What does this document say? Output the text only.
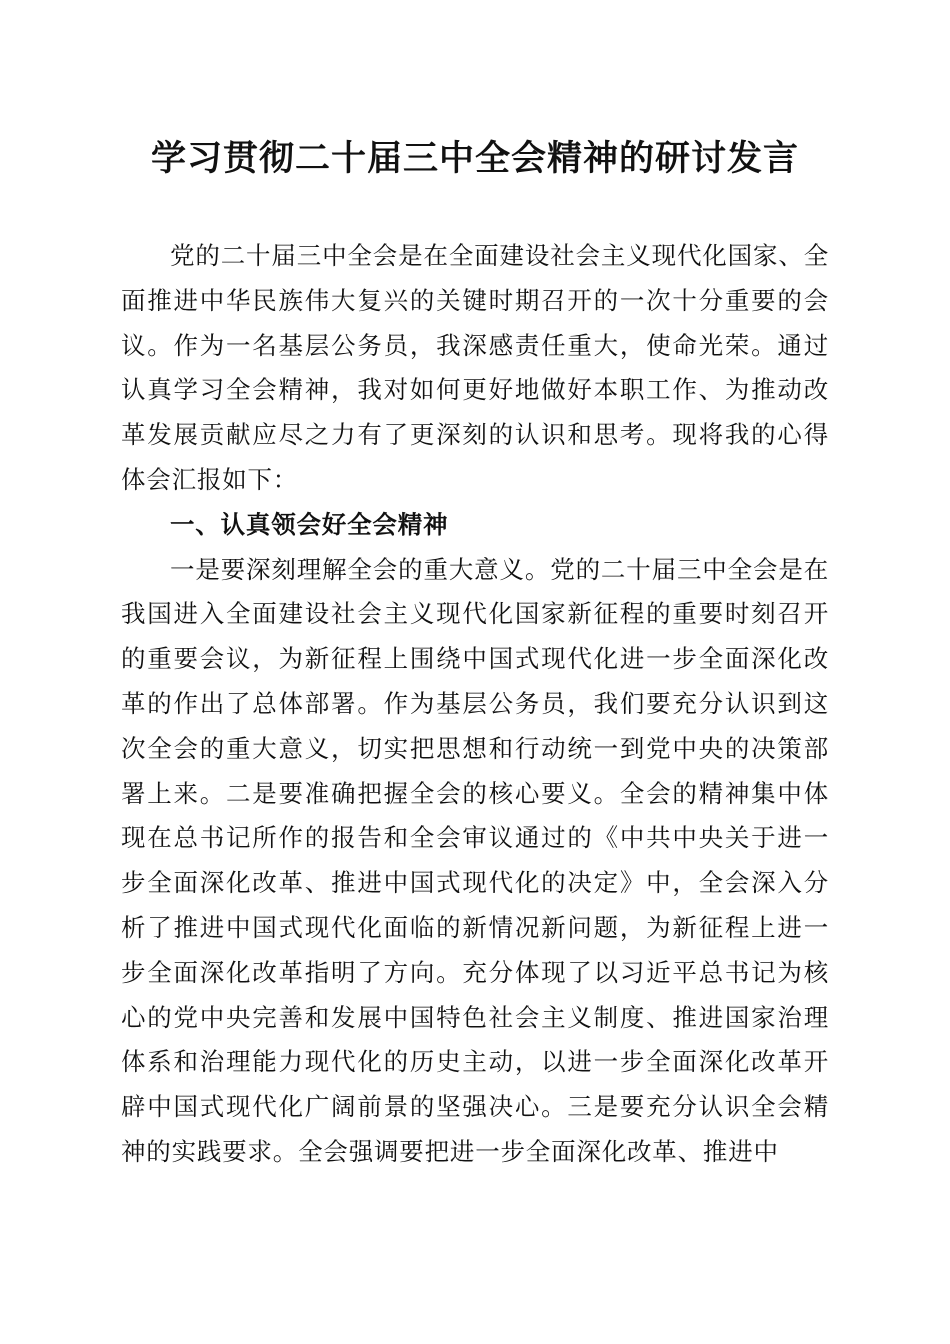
学习贯彻二十届三中全会精神的研讨发言

党的二十届三中全会是在全面建设社会主义现代化国家、全面推进中华民族伟大复兴的关键时期召开的一次十分重要的会议。作为一名基层公务员，我深感责任重大，使命光荣。通过认真学习全会精神，我对如何更好地做好本职工作、为推动改革发展贡献应尽之力有了更深刻的认识和思考。现将我的心得体会汇报如下：

一、认真领会好全会精神

一是要深刻理解全会的重大意义。党的二十届三中全会是在我国进入全面建设社会主义现代化国家新征程的重要时刻召开的重要会议，为新征程上围绕中国式现代化进一步全面深化改革的作出了总体部署。作为基层公务员，我们要充分认识到这次全会的重大意义，切实把思想和行动统一到党中央的决策部署上来。二是要准确把握全会的核心要义。全会的精神集中体现在总书记所作的报告和全会审议通过的《中共中央关于进一步全面深化改革、推进中国式现代化的决定》中，全会深入分析了推进中国式现代化面临的新情况新问题，为新征程上进一步全面深化改革指明了方向。充分体现了以习近平总书记为核心的党中央完善和发展中国特色社会主义制度、推进国家治理体系和治理能力现代化的历史主动，以进一步全面深化改革开辟中国式现代化广阔前景的坚强决心。三是要充分认识全会精神的实践要求。全会强调要把进一步全面深化改革、推进中
